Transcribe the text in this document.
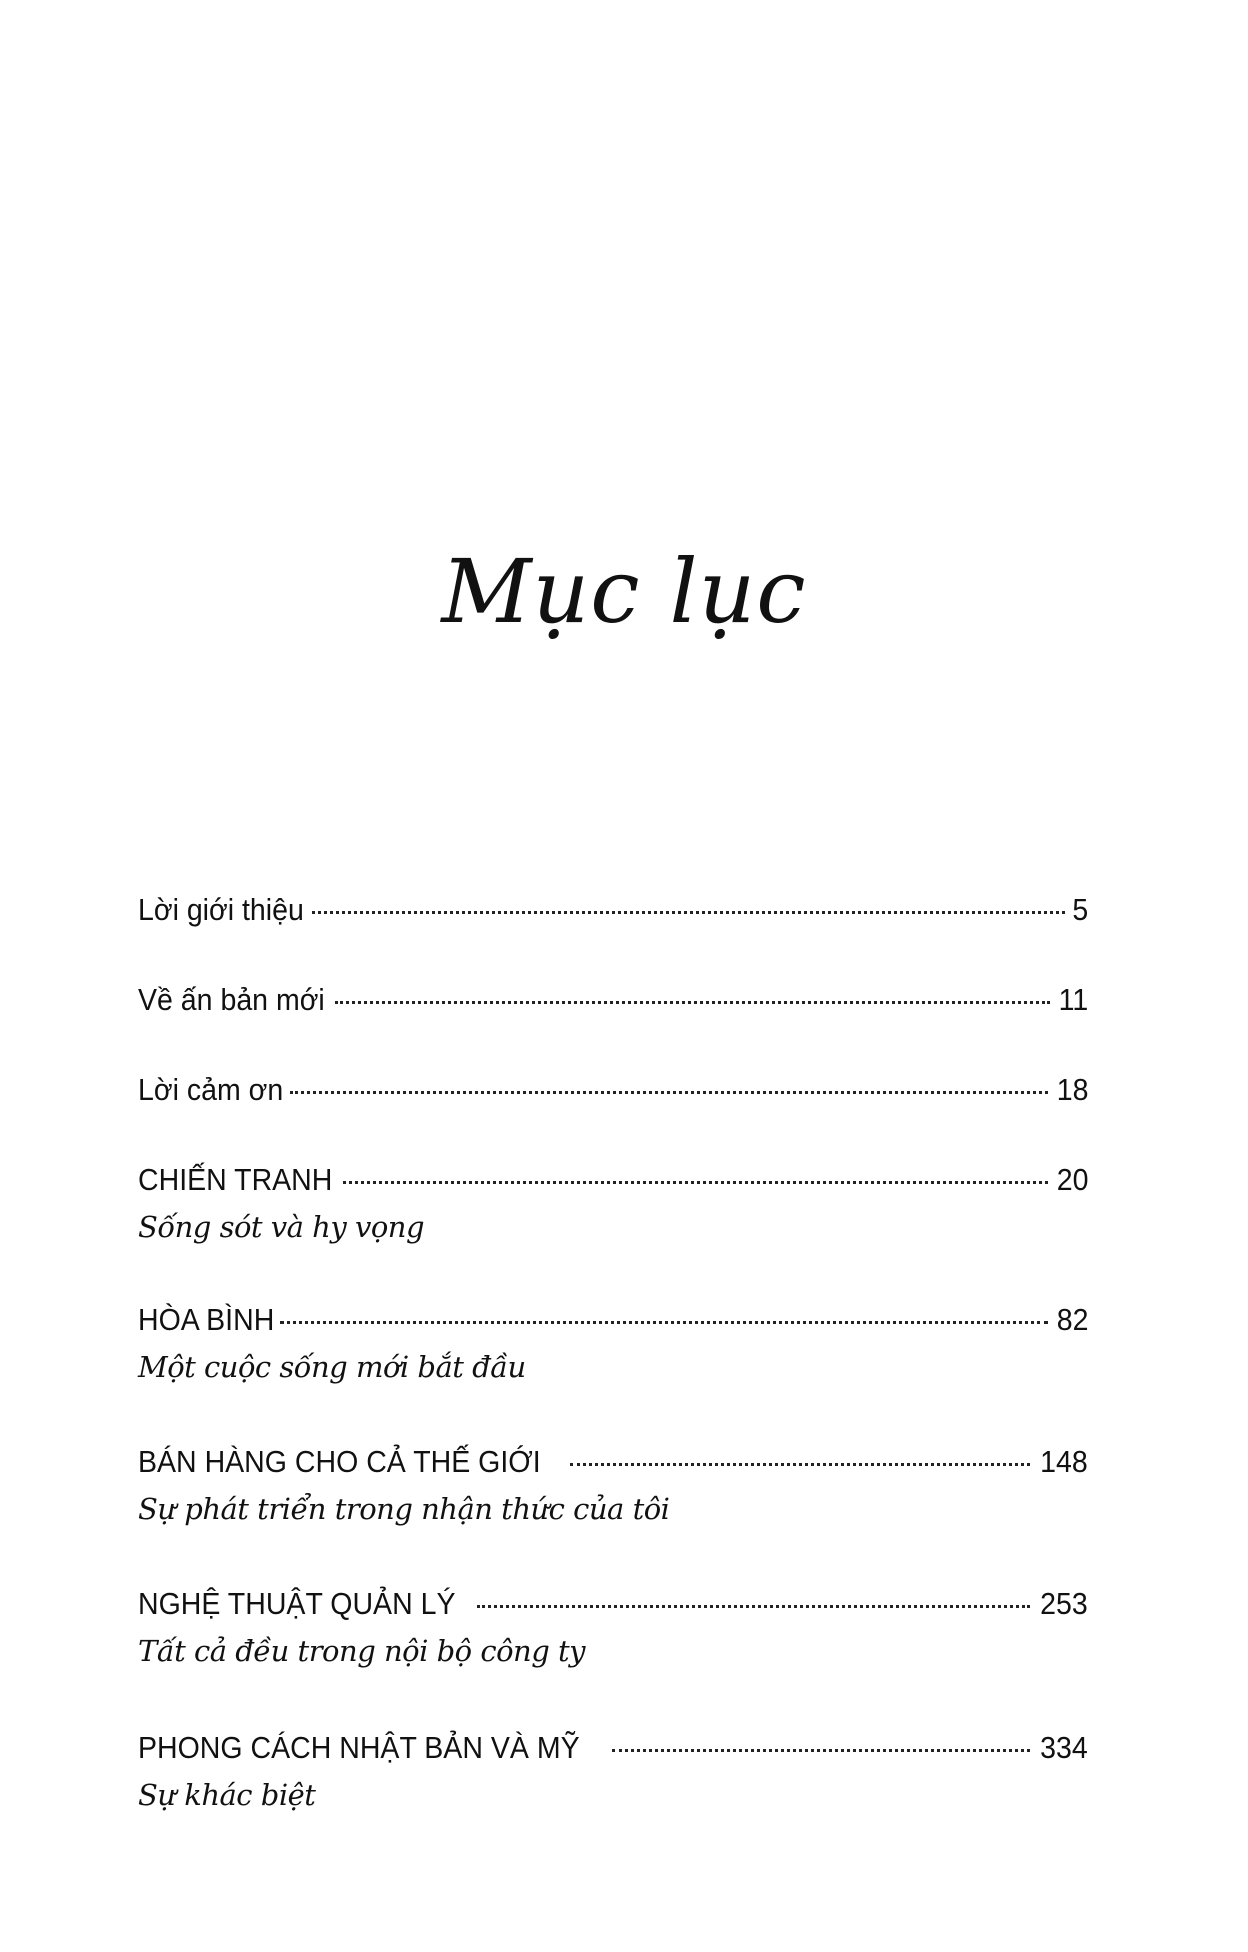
Mục lục
Lời giới thiệu	5
Về ấn bản mới	11
Lời cảm ơn	18
CHIẾN TRANH	20
Sống sót và hy vọng
HÒA BÌNH	82
Một cuộc sống mới bắt đầu
BÁN HÀNG CHO CẢ THẾ GIỚI	148
Sự phát triển trong nhận thức của tôi
NGHỆ THUẬT QUẢN LÝ	253
Tất cả đều trong nội bộ công ty
PHONG CÁCH NHẬT BẢN VÀ MỸ	334
Sự khác biệt
